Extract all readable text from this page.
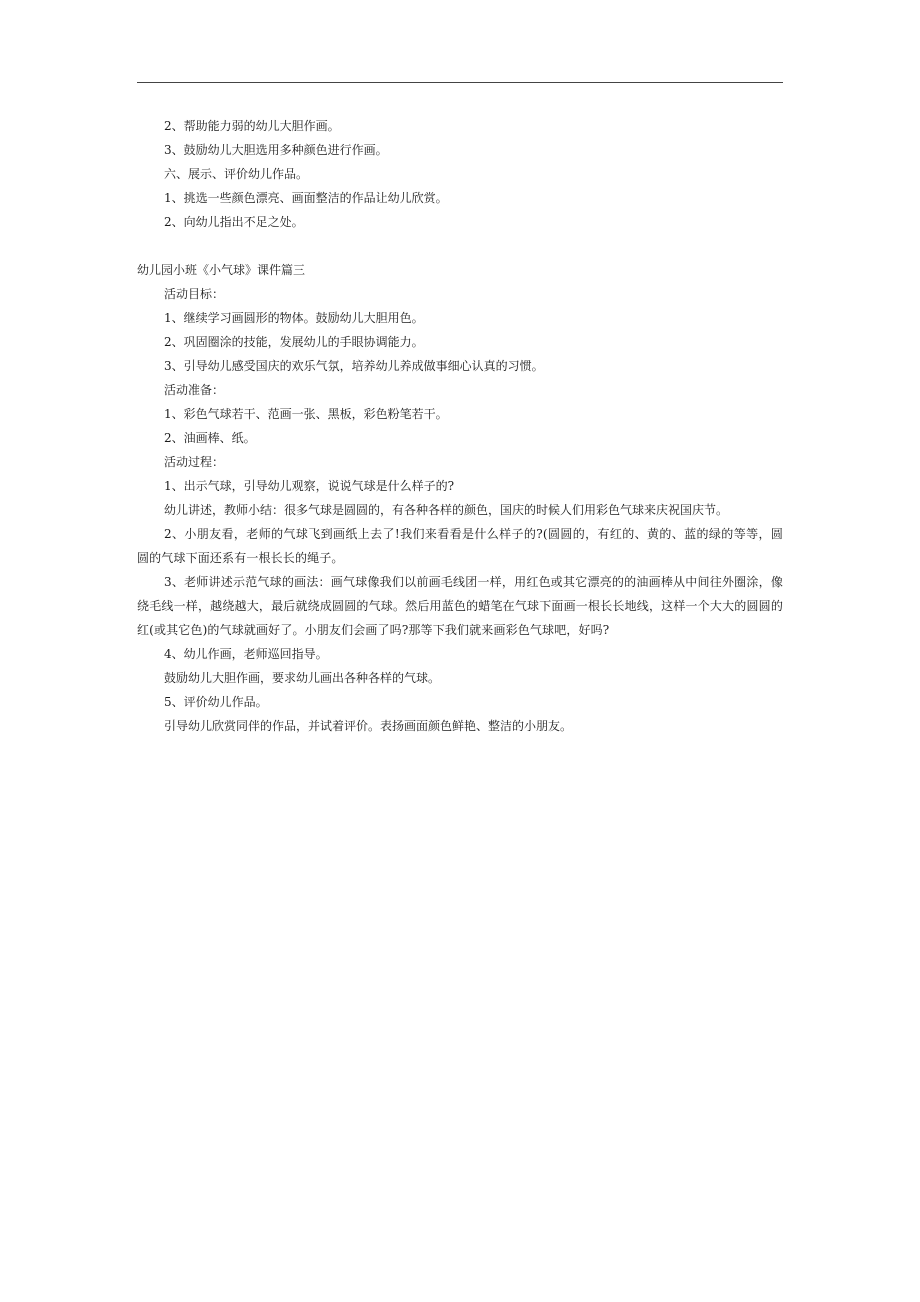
2、帮助能力弱的幼儿大胆作画。
3、鼓励幼儿大胆选用多种颜色进行作画。
六、展示、评价幼儿作品。
1、挑选一些颜色漂亮、画面整洁的作品让幼儿欣赏。
2、向幼儿指出不足之处。
幼儿园小班《小气球》课件篇三
活动目标：
1、继续学习画圆形的物体。鼓励幼儿大胆用色。
2、巩固圈涂的技能，发展幼儿的手眼协调能力。
3、引导幼儿感受国庆的欢乐气氛，培养幼儿养成做事细心认真的习惯。
活动准备：
1、彩色气球若干、范画一张、黑板，彩色粉笔若干。
2、油画棒、纸。
活动过程：
1、出示气球，引导幼儿观察，说说气球是什么样子的?
幼儿讲述，教师小结：很多气球是圆圆的，有各种各样的颜色，国庆的时候人们用彩色气球来庆祝国庆节。
2、小朋友看，老师的气球飞到画纸上去了!我们来看看是什么样子的?(圆圆的，有红的、黄的、蓝的绿的等等，圆圆的气球下面还系有一根长长的绳子。
3、老师讲述示范气球的画法：画气球像我们以前画毛线团一样，用红色或其它漂亮的的油画棒从中间往外圈涂，像绕毛线一样，越绕越大，最后就绕成圆圆的气球。然后用蓝色的蜡笔在气球下面画一根长长地线，这样一个大大的圆圆的红(或其它色)的气球就画好了。小朋友们会画了吗?那等下我们就来画彩色气球吧，好吗?
4、幼儿作画，老师巡回指导。
鼓励幼儿大胆作画，要求幼儿画出各种各样的气球。
5、评价幼儿作品。
引导幼儿欣赏同伴的作品，并试着评价。表扬画面颜色鲜艳、整洁的小朋友。
